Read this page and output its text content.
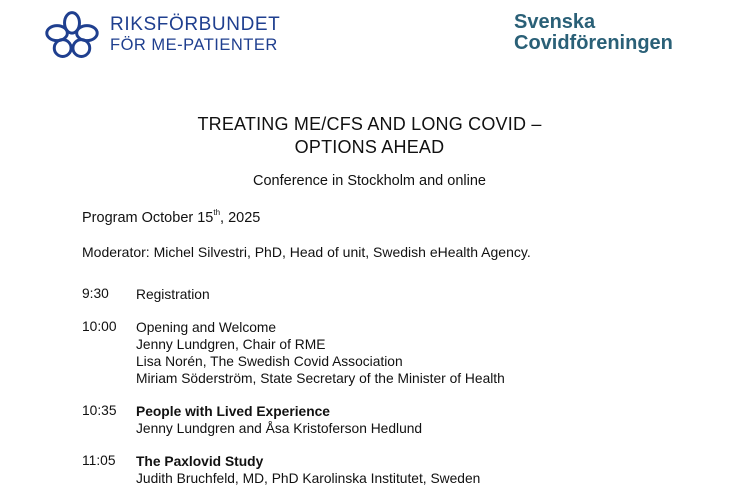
RIKSFÖRBUNDET
FÖR ME-PATIENTER
Svenska
Covidföreningen
TREATING ME/CFS AND LONG COVID –
OPTIONS AHEAD
Conference in Stockholm and online
Program October 15th, 2025
Moderator: Michel Silvestri, PhD, Head of unit, Swedish eHealth Agency.
9:30	Registration
10:00	Opening and Welcome
Jenny Lundgren, Chair of RME
Lisa Norén, The Swedish Covid Association
Miriam Söderström, State Secretary of the Minister of Health
10:35	People with Lived Experience
Jenny Lundgren and Åsa Kristoferson Hedlund
11:05	The Paxlovid Study
Judith Bruchfeld, MD, PhD Karolinska Institutet, Sweden
